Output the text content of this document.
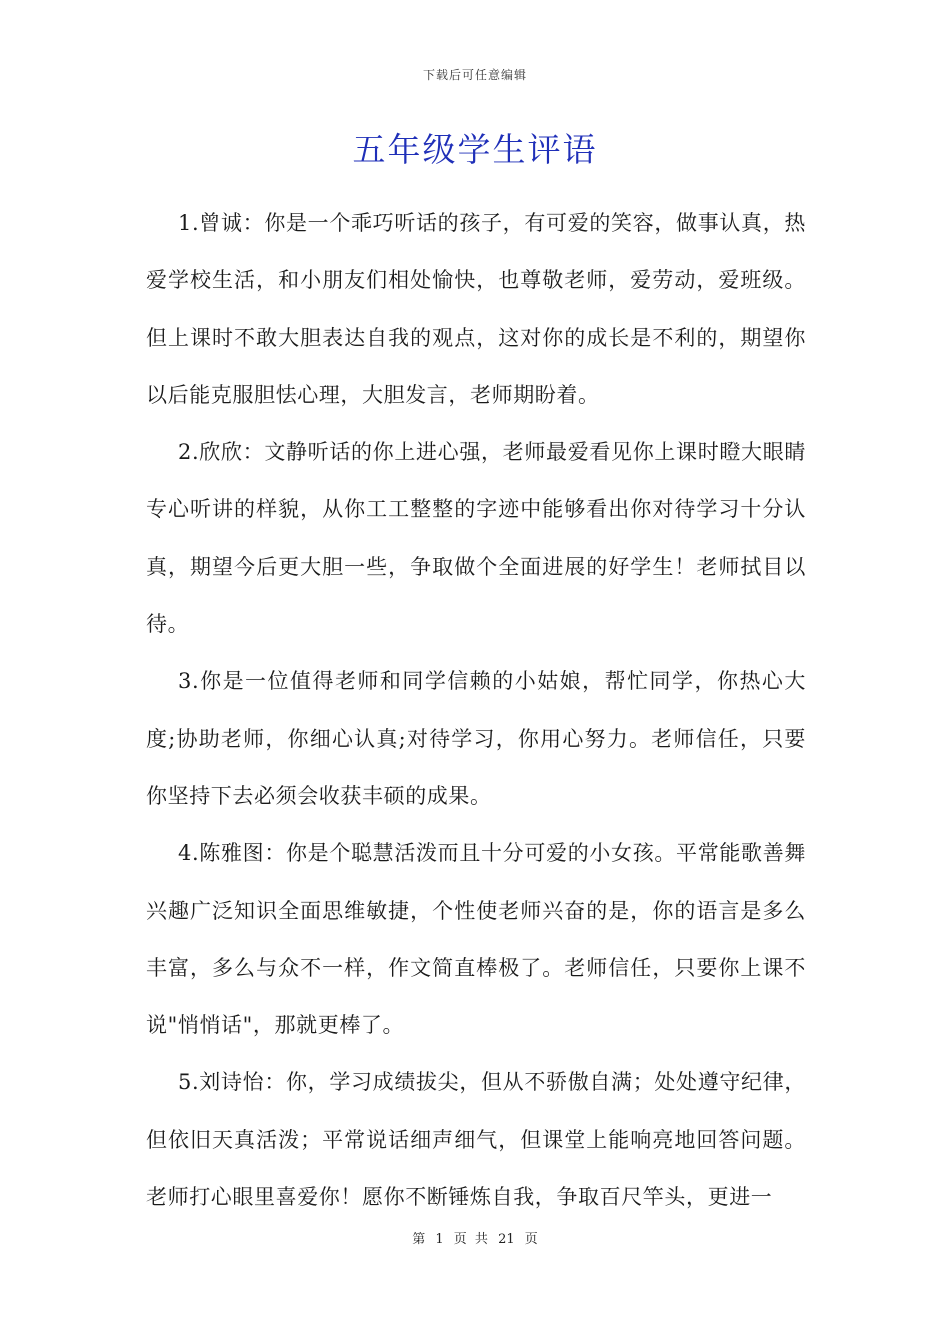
下载后可任意编辑
五年级学生评语

1.曾诚：你是一个乖巧听话的孩子，有可爱的笑容，做事认真，热爱学校生活，和小朋友们相处愉快，也尊敬老师，爱劳动，爱班级。但上课时不敢大胆表达自我的观点，这对你的成长是不利的，期望你以后能克服胆怯心理，大胆发言，老师期盼着。

2.欣欣：文静听话的你上进心强，老师最爱看见你上课时瞪大眼睛专心听讲的样貌，从你工工整整的字迹中能够看出你对待学习十分认真，期望今后更大胆一些，争取做个全面进展的好学生！老师拭目以待。

3.你是一位值得老师和同学信赖的小姑娘，帮忙同学，你热心大度;协助老师，你细心认真;对待学习，你用心努力。老师信任，只要你坚持下去必须会收获丰硕的成果。

4.陈雅图：你是个聪慧活泼而且十分可爱的小女孩。平常能歌善舞兴趣广泛知识全面思维敏捷，个性使老师兴奋的是，你的语言是多么丰富，多么与众不一样，作文简直棒极了。老师信任，只要你上课不说"悄悄话"，那就更棒了。

5.刘诗怡：你，学习成绩拔尖，但从不骄傲自满；处处遵守纪律，但依旧天真活泼；平常说话细声细气，但课堂上能响亮地回答问题。老师打心眼里喜爱你！愿你不断锤炼自我，争取百尺竿头，更进一

第 1 页 共 21 页
